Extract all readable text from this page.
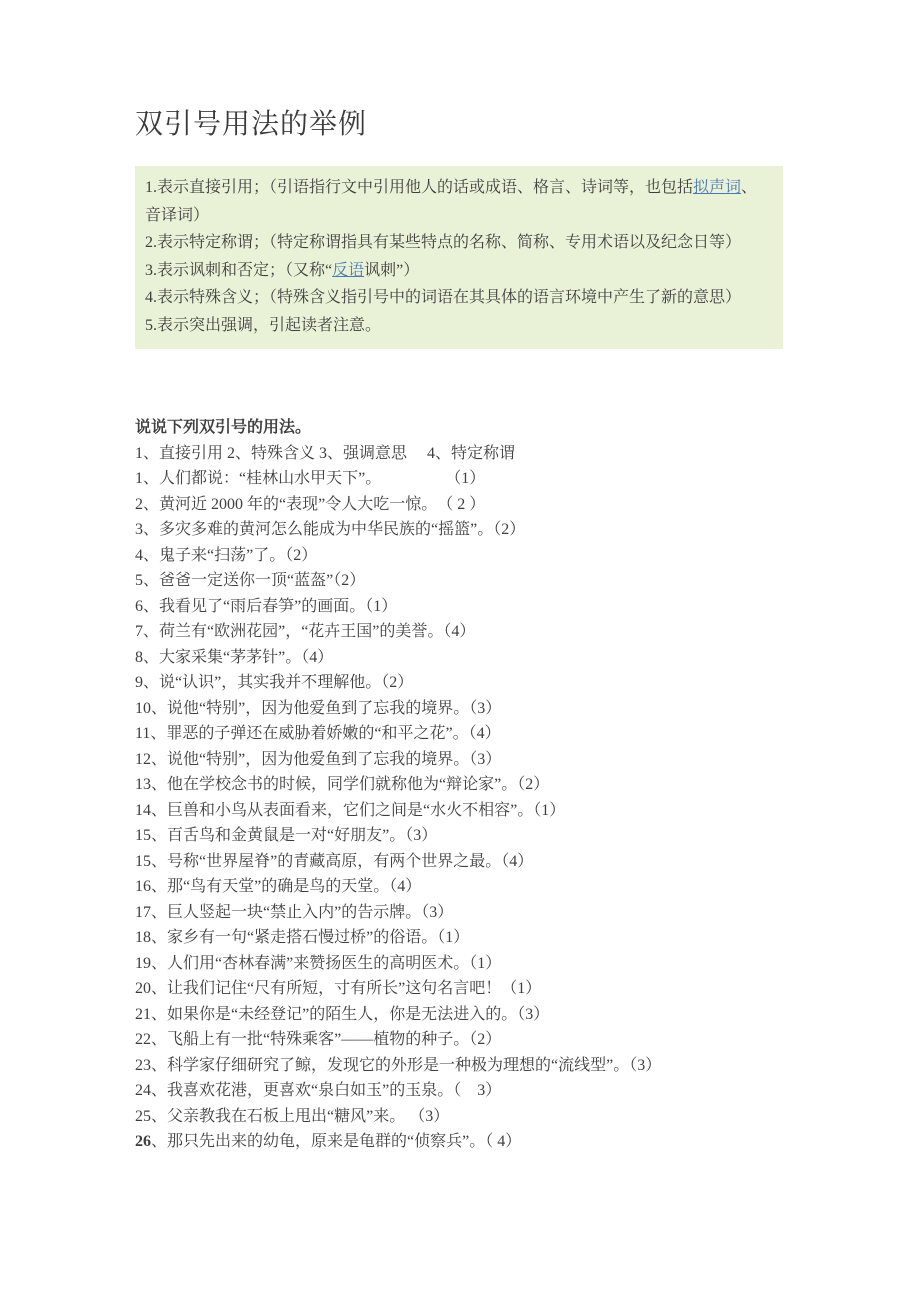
双引号用法的举例

1.表示直接引用；（引语指行文中引用他人的话或成语、格言、诗词等，也包括拟声词、音译词）

2.表示特定称谓；（特定称谓指具有某些特点的名称、简称、专用术语以及纪念日等）

3.表示讽刺和否定；（又称“反语讽刺”）

4.表示特殊含义；（特殊含义指引号中的词语在其具体的语言环境中产生了新的意思）

5.表示突出强调，引起读者注意。

说说下列双引号的用法。

1、直接引用 2、特殊含义 3、强调意思　 4、特定称谓

1、人们都说：“桂林山水甲天下”。　　　　　（1）

2、黄河近 2000 年的“表现”令人大吃一惊。　（ 2 ）

3、多灾多难的黄河怎么能成为中华民族的“摇篮”。（2）

4、鬼子来“扫荡”了。（2）

5、爸爸一定送你一顶“蓝盔”（2）

6、我看见了“雨后春笋”的画面。（1）

7、荷兰有“欧洲花园”，“花卉王国”的美誉。（4）

8、大家采集“茅茅针”。（4）

9、说“认识”，其实我并不理解他。（2）

10、说他“特别”，因为他爱鱼到了忘我的境界。（3）

11、罪恶的子弹还在威胁着娇嫩的“和平之花”。（4）

12、说他“特别”，因为他爱鱼到了忘我的境界。（3）

13、他在学校念书的时候，同学们就称他为“辩论家”。（2）

14、巨兽和小鸟从表面看来，它们之间是“水火不相容”。（1）

15、百舌鸟和金黄鼠是一对“好朋友”。（3）

15、号称“世界屋脊”的青藏高原，有两个世界之最。（4）

16、那“鸟有天堂”的确是鸟的天堂。（4）

17、巨人竖起一块“禁止入内”的告示牌。（3）

18、家乡有一句“紧走搭石慢过桥”的俗语。（1）

19、人们用“杏林春满”来赞扬医生的高明医术。（1）

20、让我们记住“尺有所短，寸有所长”这句名言吧！（1）

21、如果你是“未经登记”的陌生人，你是无法进入的。（3）

22、飞船上有一批“特殊乘客”——植物的种子。（2）

23、科学家仔细研究了鲸，发现它的外形是一种极为理想的“流线型”。（3）

24、我喜欢花港，更喜欢“泉白如玉”的玉泉。（　3）

25、父亲教我在石板上甩出“糖风”来。 （3）

26、那只先出来的幼龟，原来是龟群的“侦察兵”。（ 4）
